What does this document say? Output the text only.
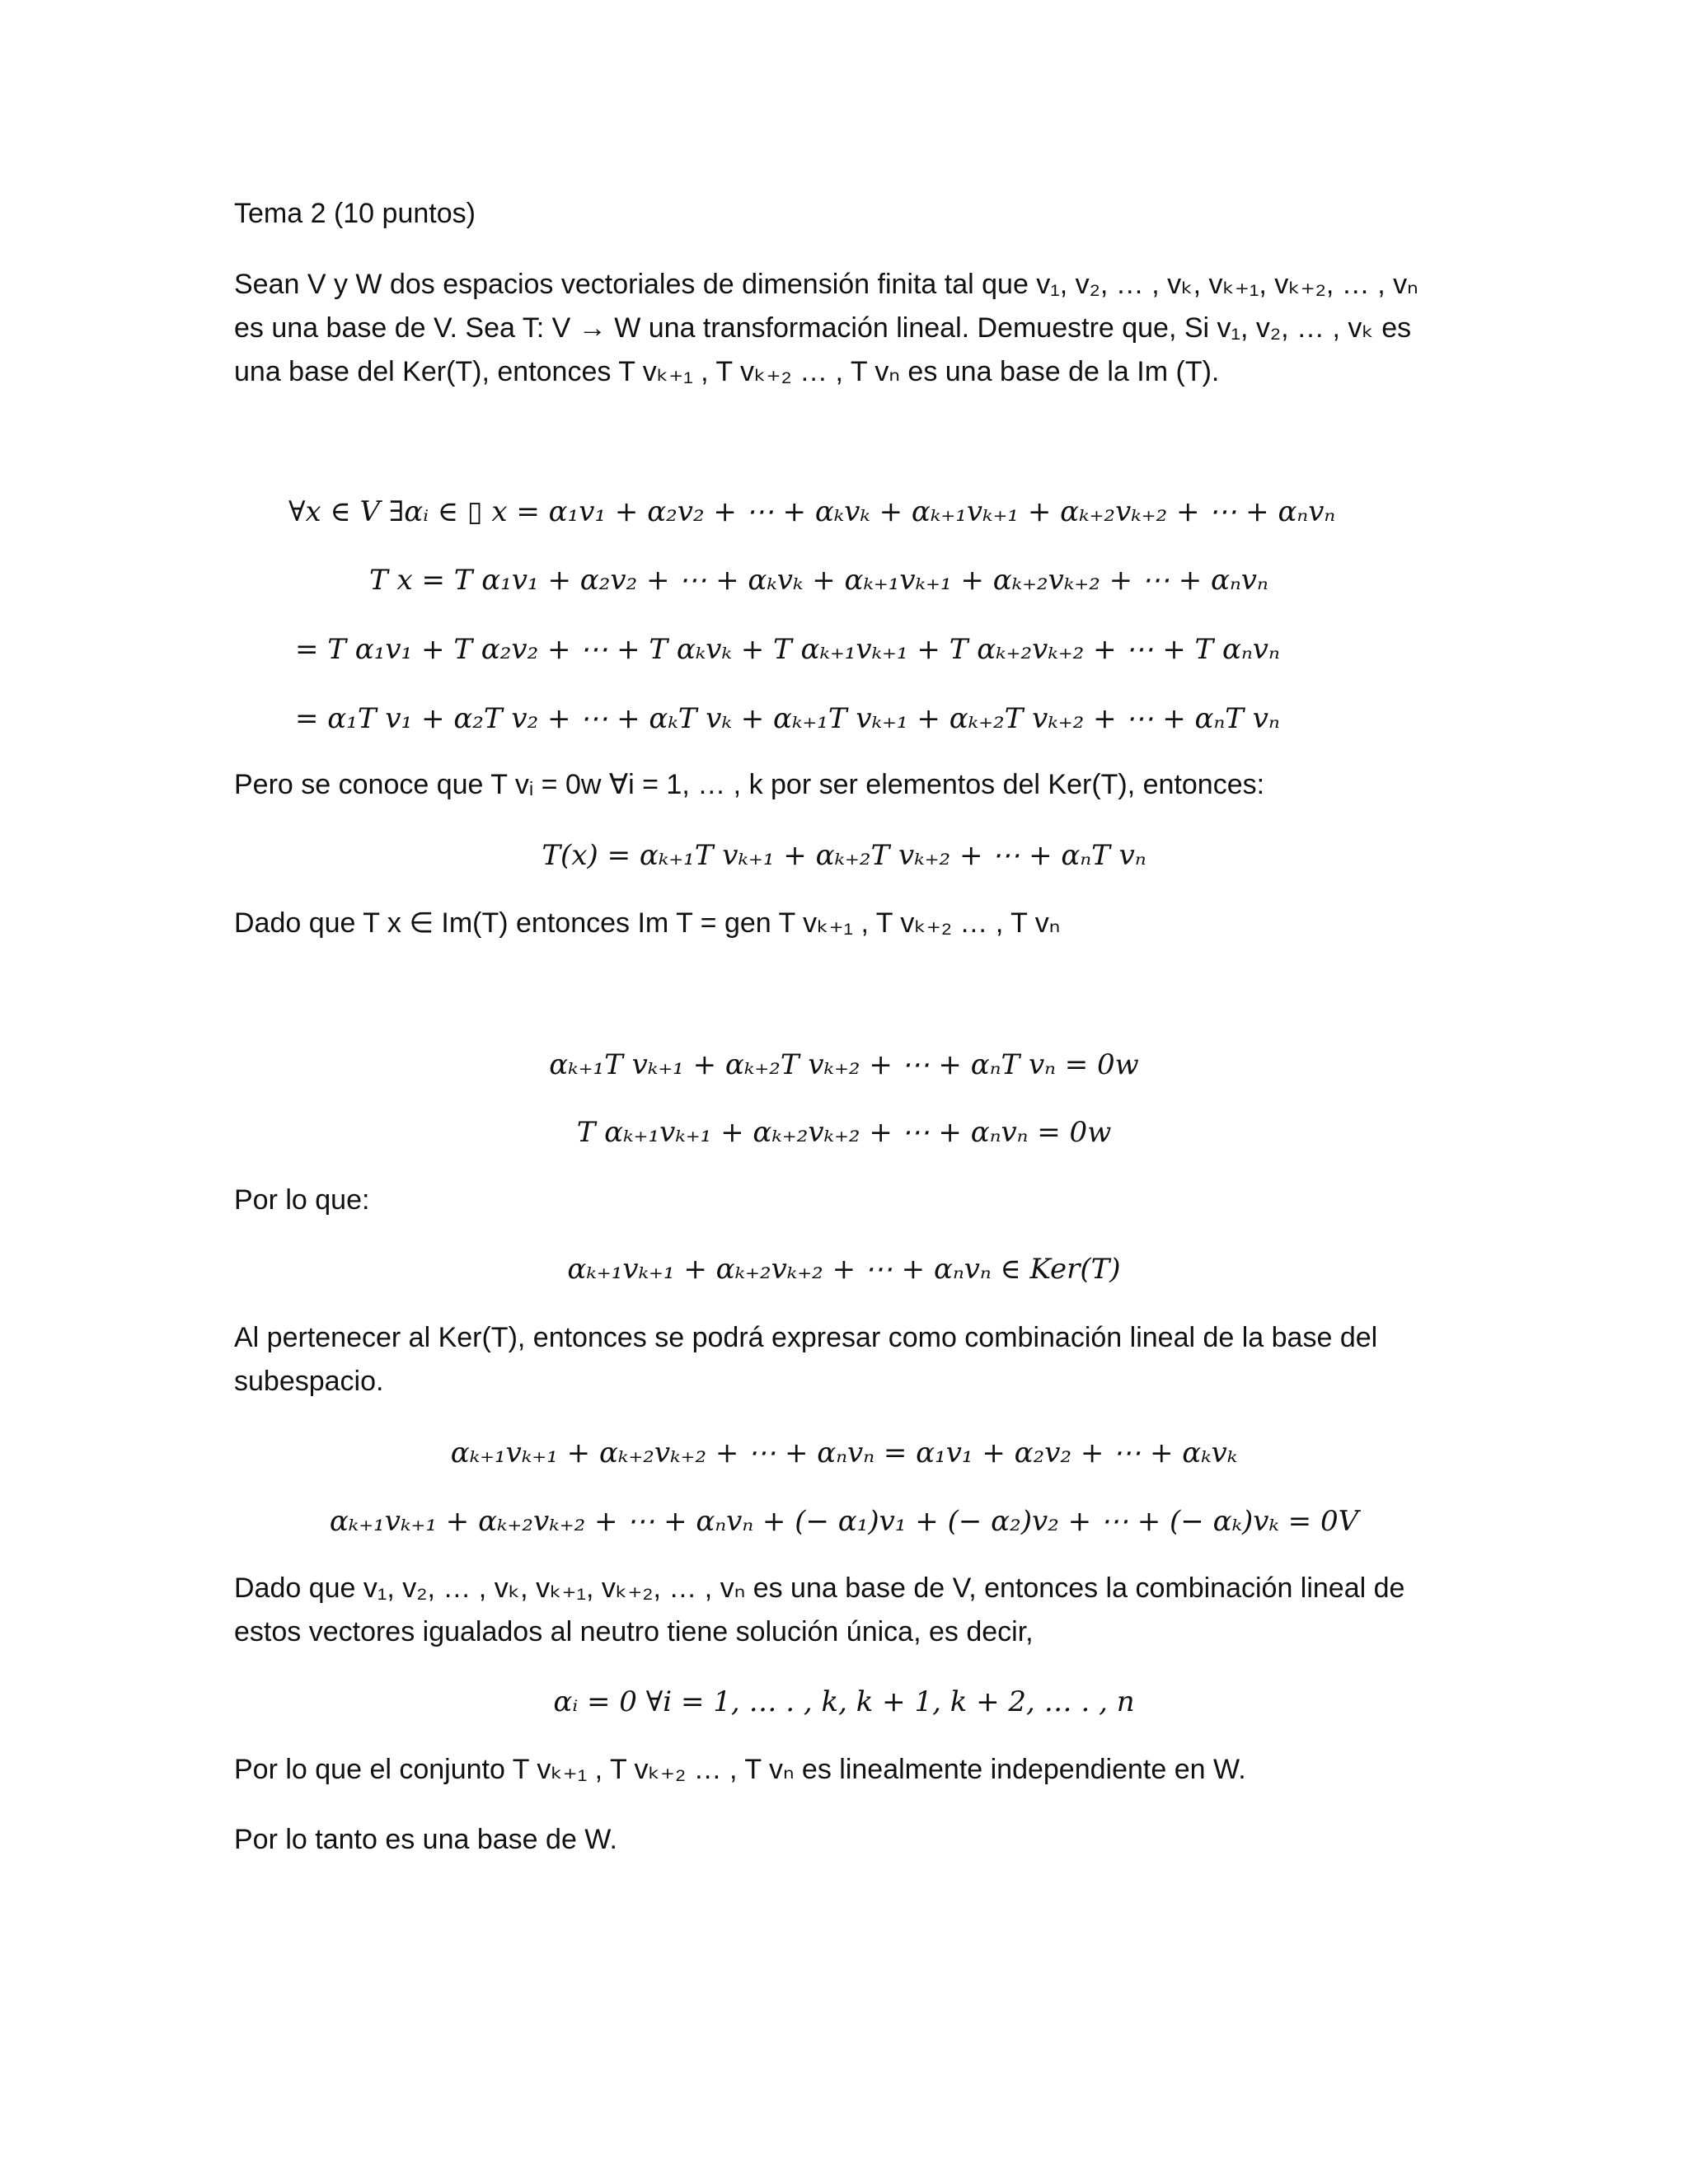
Tema 2 (10 puntos)
Sean V y W dos espacios vectoriales de dimensión finita tal que v₁, v₂, … , vₖ, vₖ₊₁, vₖ₊₂, … , vₙ
es una base de V. Sea T: V → W una transformación lineal. Demuestre que, Si v₁, v₂, … , vₖ es
una base del Ker(T), entonces T vₖ₊₁ , T vₖ₊₂ … , T vₙ es una base de la Im (T).
∀x ∈ V ∃αᵢ ∈ ▯ x = α₁v₁ + α₂v₂ + ⋯ + αₖvₖ + αₖ₊₁vₖ₊₁ + αₖ₊₂vₖ₊₂ + ⋯ + αₙvₙ
T x = T α₁v₁ + α₂v₂ + ⋯ + αₖvₖ + αₖ₊₁vₖ₊₁ + αₖ₊₂vₖ₊₂ + ⋯ + αₙvₙ
= T α₁v₁ + T α₂v₂ + ⋯ + T αₖvₖ + T αₖ₊₁vₖ₊₁ + T αₖ₊₂vₖ₊₂ + ⋯ + T αₙvₙ
= α₁T v₁ + α₂T v₂ + ⋯ + αₖT vₖ + αₖ₊₁T vₖ₊₁ + αₖ₊₂T vₖ₊₂ + ⋯ + αₙT vₙ
Pero se conoce que T vᵢ = 0w ∀i = 1, … , k por ser elementos del Ker(T), entonces:
T(x) = αₖ₊₁T vₖ₊₁ + αₖ₊₂T vₖ₊₂ + ⋯ + αₙT vₙ
Dado que T x ∈ Im(T) entonces Im T = gen T vₖ₊₁ , T vₖ₊₂ … , T vₙ
αₖ₊₁T vₖ₊₁ + αₖ₊₂T vₖ₊₂ + ⋯ + αₙT vₙ = 0w
T αₖ₊₁vₖ₊₁ + αₖ₊₂vₖ₊₂ + ⋯ + αₙvₙ = 0w
Por lo que:
αₖ₊₁vₖ₊₁ + αₖ₊₂vₖ₊₂ + ⋯ + αₙvₙ ∈ Ker(T)
Al pertenecer al Ker(T), entonces se podrá expresar como combinación lineal de la base del
subespacio.
αₖ₊₁vₖ₊₁ + αₖ₊₂vₖ₊₂ + ⋯ + αₙvₙ = α₁v₁ + α₂v₂ + ⋯ + αₖvₖ
αₖ₊₁vₖ₊₁ + αₖ₊₂vₖ₊₂ + ⋯ + αₙvₙ + (− α₁)v₁ + (− α₂)v₂ + ⋯ + (− αₖ)vₖ = 0V
Dado que v₁, v₂, … , vₖ, vₖ₊₁, vₖ₊₂, … , vₙ es una base de V, entonces la combinación lineal de
estos vectores igualados al neutro tiene solución única, es decir,
αᵢ = 0 ∀i = 1, … . , k, k + 1, k + 2, … . , n
Por lo que el conjunto T vₖ₊₁ , T vₖ₊₂ … , T vₙ es linealmente independiente en W.
Por lo tanto es una base de W.
